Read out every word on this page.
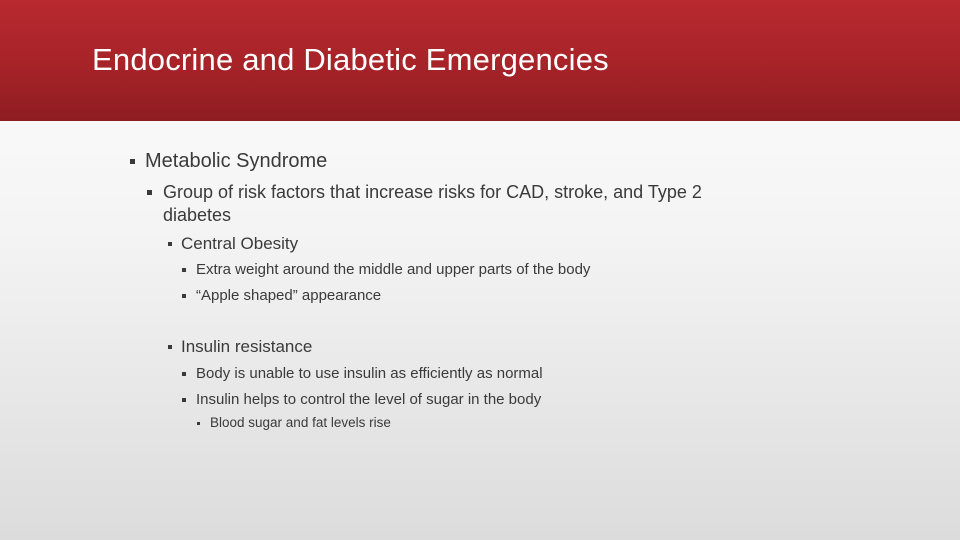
Endocrine and Diabetic Emergencies
Metabolic Syndrome
Group of risk factors that increase risks for CAD, stroke, and Type 2
diabetes
Central Obesity
Extra weight around the middle and upper parts of the body
“Apple shaped” appearance
Insulin resistance
Body is unable to use insulin as efficiently as normal
Insulin helps to control the level of sugar in the body
Blood sugar and fat levels rise
